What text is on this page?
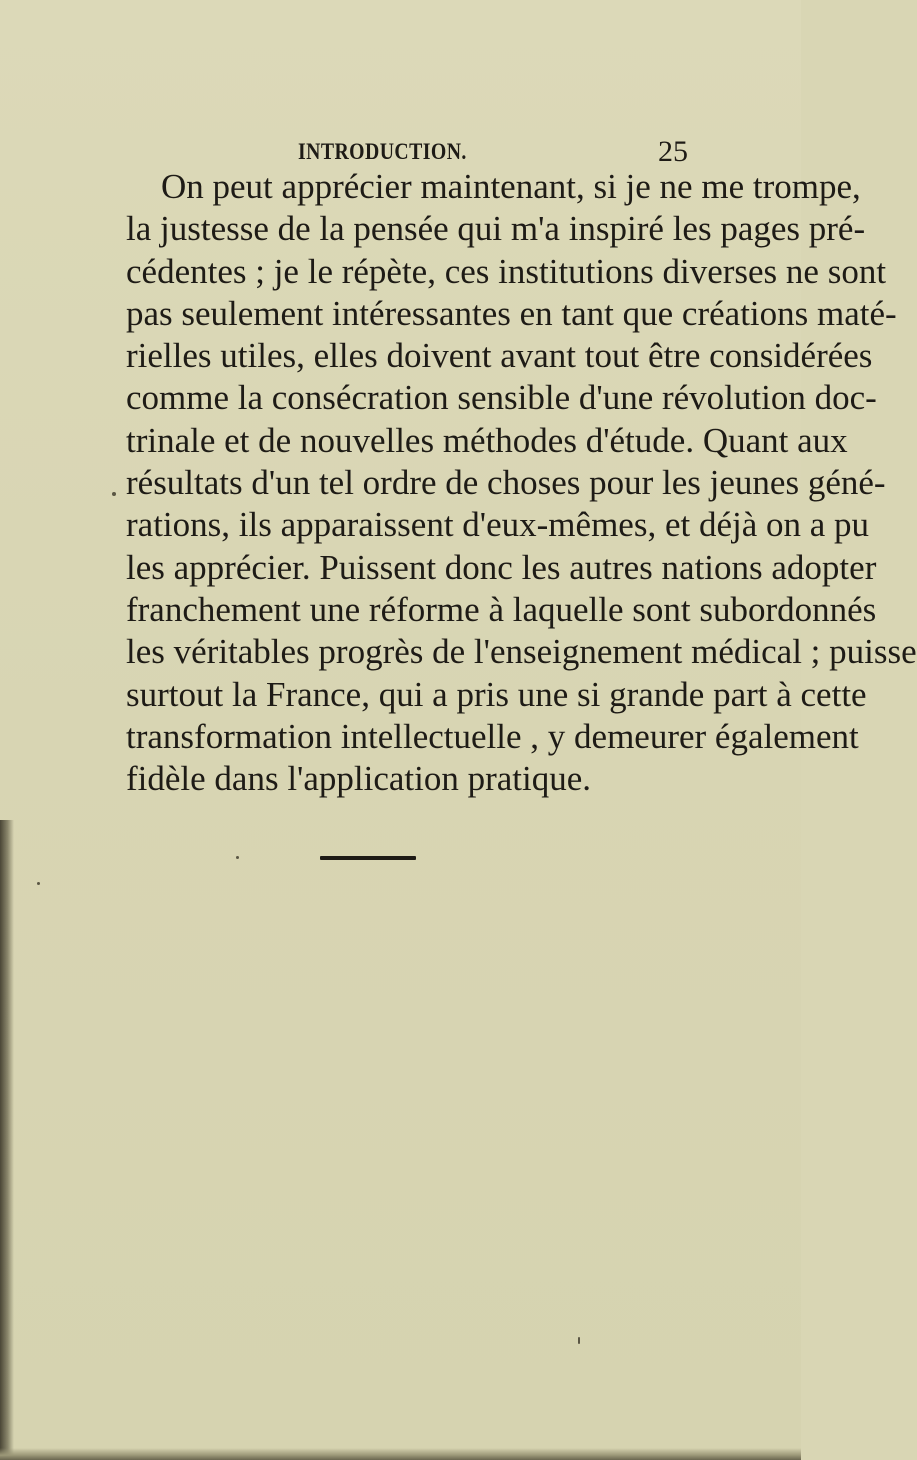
INTRODUCTION.	25
On peut apprécier maintenant, si je ne me trompe,
la justesse de la pensée qui m'a inspiré les pages pré-
cédentes ; je le répète, ces institutions diverses ne sont
pas seulement intéressantes en tant que créations maté-
rielles utiles, elles doivent avant tout être considérées
comme la consécration sensible d'une révolution doc-
trinale et de nouvelles méthodes d'étude. Quant aux
résultats d'un tel ordre de choses pour les jeunes géné-
rations, ils apparaissent d'eux-mêmes, et déjà on a pu
les apprécier. Puissent donc les autres nations adopter
franchement une réforme à laquelle sont subordonnés
les véritables progrès de l'enseignement médical ; puisse
surtout la France, qui a pris une si grande part à cette
transformation intellectuelle , y demeurer également
fidèle dans l'application pratique.
